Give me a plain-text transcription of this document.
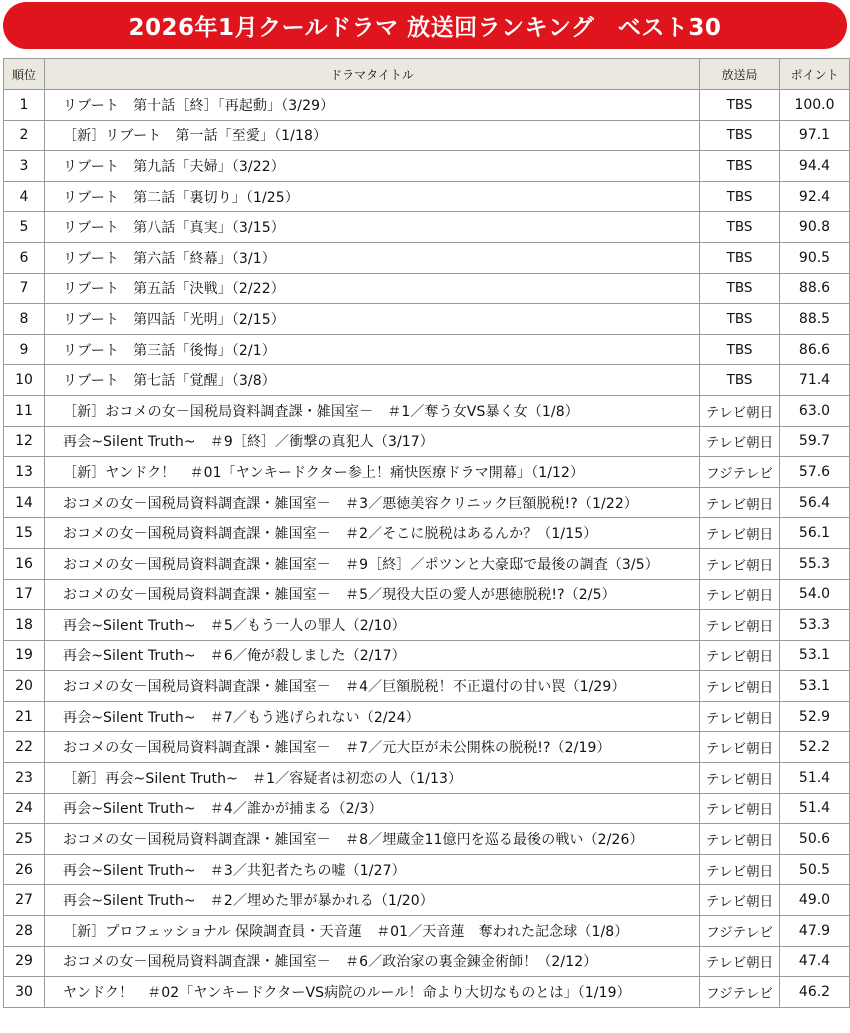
2026年1月クールドラマ 放送回ランキング　ベスト30
順位	ドラマタイトル	放送局	ポイント
1	リブート　第十話［終］「再起動」（3/29）	TBS	100.0
2	［新］リブート　第一話「至愛」（1/18）	TBS	97.1
3	リブート　第九話「夫婦」（3/22）	TBS	94.4
4	リブート　第二話「裏切り」（1/25）	TBS	92.4
5	リブート　第八話「真実」（3/15）	TBS	90.8
6	リブート　第六話「終幕」（3/1）	TBS	90.5
7	リブート　第五話「決戦」（2/22）	TBS	88.6
8	リブート　第四話「光明」（2/15）	TBS	88.5
9	リブート　第三話「後悔」（2/1）	TBS	86.6
10	リブート　第七話「覚醒」（3/8）	TBS	71.4
11	［新］おコメの女－国税局資料調査課・雑国室－　＃1／奪う女VS暴く女（1/8）	テレビ朝日	63.0
12	再会~Silent Truth~　＃9［終］／衝撃の真犯人（3/17）	テレビ朝日	59.7
13	［新］ヤンドク！　＃01「ヤンキードクター参上！痛快医療ドラマ開幕」（1/12）	フジテレビ	57.6
14	おコメの女－国税局資料調査課・雑国室－　＃3／悪徳美容クリニック巨額脱税!?（1/22）	テレビ朝日	56.4
15	おコメの女－国税局資料調査課・雑国室－　＃2／そこに脱税はあるんか？（1/15）	テレビ朝日	56.1
16	おコメの女－国税局資料調査課・雑国室－　＃9［終］／ポツンと大豪邸で最後の調査（3/5）	テレビ朝日	55.3
17	おコメの女－国税局資料調査課・雑国室－　＃5／現役大臣の愛人が悪徳脱税!?（2/5）	テレビ朝日	54.0
18	再会~Silent Truth~　＃5／もう一人の罪人（2/10）	テレビ朝日	53.3
19	再会~Silent Truth~　＃6／俺が殺しました（2/17）	テレビ朝日	53.1
20	おコメの女－国税局資料調査課・雑国室－　＃4／巨額脱税！不正還付の甘い罠（1/29）	テレビ朝日	53.1
21	再会~Silent Truth~　＃7／もう逃げられない（2/24）	テレビ朝日	52.9
22	おコメの女－国税局資料調査課・雑国室－　＃7／元大臣が未公開株の脱税!?（2/19）	テレビ朝日	52.2
23	［新］再会~Silent Truth~　＃1／容疑者は初恋の人（1/13）	テレビ朝日	51.4
24	再会~Silent Truth~　＃4／誰かが捕まる（2/3）	テレビ朝日	51.4
25	おコメの女－国税局資料調査課・雑国室－　＃8／埋蔵金11億円を巡る最後の戦い（2/26）	テレビ朝日	50.6
26	再会~Silent Truth~　＃3／共犯者たちの嘘（1/27）	テレビ朝日	50.5
27	再会~Silent Truth~　＃2／埋めた罪が暴かれる（1/20）	テレビ朝日	49.0
28	［新］プロフェッショナル 保険調査員・天音蓮　＃01／天音蓮　奪われた記念球（1/8）	フジテレビ	47.9
29	おコメの女－国税局資料調査課・雑国室－　＃6／政治家の裏金錬金術師！（2/12）	テレビ朝日	47.4
30	ヤンドク！　＃02「ヤンキードクターVS病院のルール！命より大切なものとは」（1/19）	フジテレビ	46.2
